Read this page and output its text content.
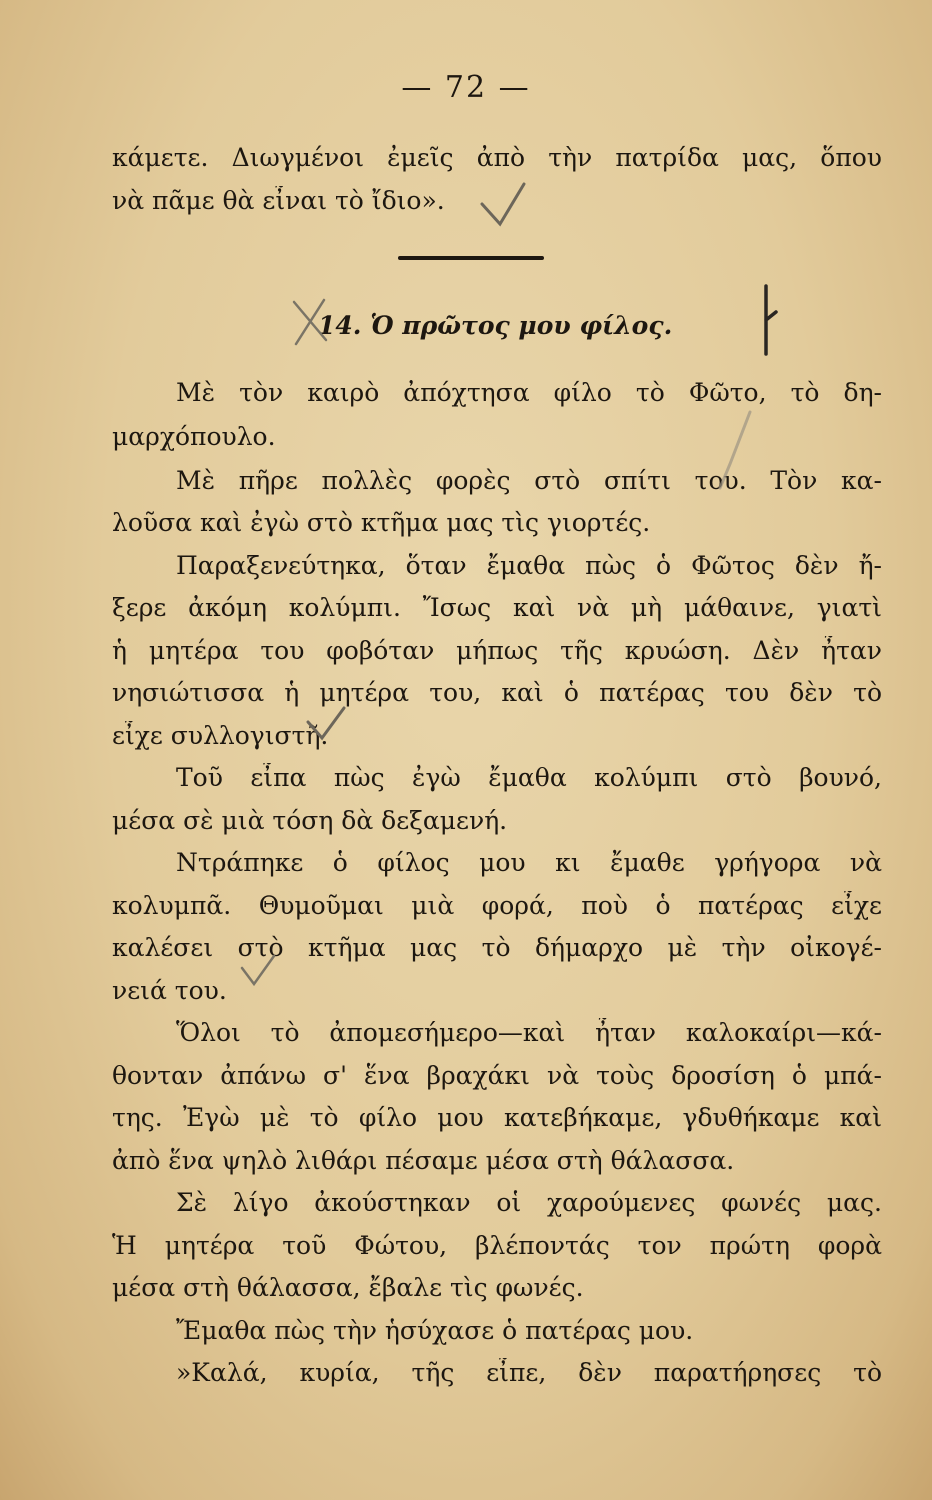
— 72 —
κάμετε. Διωγμένοι ἐμεῖς ἀπὸ τὴν πατρίδα μας, ὅπου
νὰ πᾶμε θὰ εἶναι τὸ ἴδιο».
14. Ὁ πρῶτος μου φίλος.
Μὲ τὸν καιρὸ ἀπόχτησα φίλο τὸ Φῶτο, τὸ δη-
μαρχόπουλο.
Μὲ πῆρε πολλὲς φορὲς στὸ σπίτι του. Τὸν κα-
λοῦσα καὶ ἐγὼ στὸ κτῆμα μας τὶς γιορτές.
Παραξενεύτηκα, ὅταν ἔμαθα πὼς ὁ Φῶτος δὲν ἤ-
ξερε ἀκόμη κολύμπι. Ἴσως καὶ νὰ μὴ μάθαινε, γιατὶ
ἡ μητέρα του φοβόταν μήπως τῆς κρυώση. Δὲν ἦταν
νησιώτισσα ἡ μητέρα του, καὶ ὁ πατέρας του δὲν τὸ
εἶχε συλλογιστῆ.
Τοῦ εἶπα πὼς ἐγὼ ἔμαθα κολύμπι στὸ βουνό,
μέσα σὲ μιὰ τόση δὰ δεξαμενή.
Ντράπηκε ὁ φίλος μου κι ἔμαθε γρήγορα νὰ
κολυμπᾶ. Θυμοῦμαι μιὰ φορά, ποὺ ὁ πατέρας εἶχε
καλέσει στὸ κτῆμα μας τὸ δήμαρχο μὲ τὴν οἰκογέ-
νειά του.
Ὅλοι τὸ ἀπομεσήμερο—καὶ ἦταν καλοκαίρι—κά-
θονταν ἀπάνω σ' ἕνα βραχάκι νὰ τοὺς δροσίση ὁ μπά-
της. Ἐγὼ μὲ τὸ φίλο μου κατεβήκαμε, γδυθήκαμε καὶ
ἀπὸ ἕνα ψηλὸ λιθάρι πέσαμε μέσα στὴ θάλασσα.
Σὲ λίγο ἀκούστηκαν οἱ χαρούμενες φωνές μας.
Ἡ μητέρα τοῦ Φώτου, βλέποντάς τον πρώτη φορὰ
μέσα στὴ θάλασσα, ἔβαλε τὶς φωνές.
Ἔμαθα πὼς τὴν ἡσύχασε ὁ πατέρας μου.
»Καλά, κυρία, τῆς εἶπε, δὲν παρατήρησες τὸ
